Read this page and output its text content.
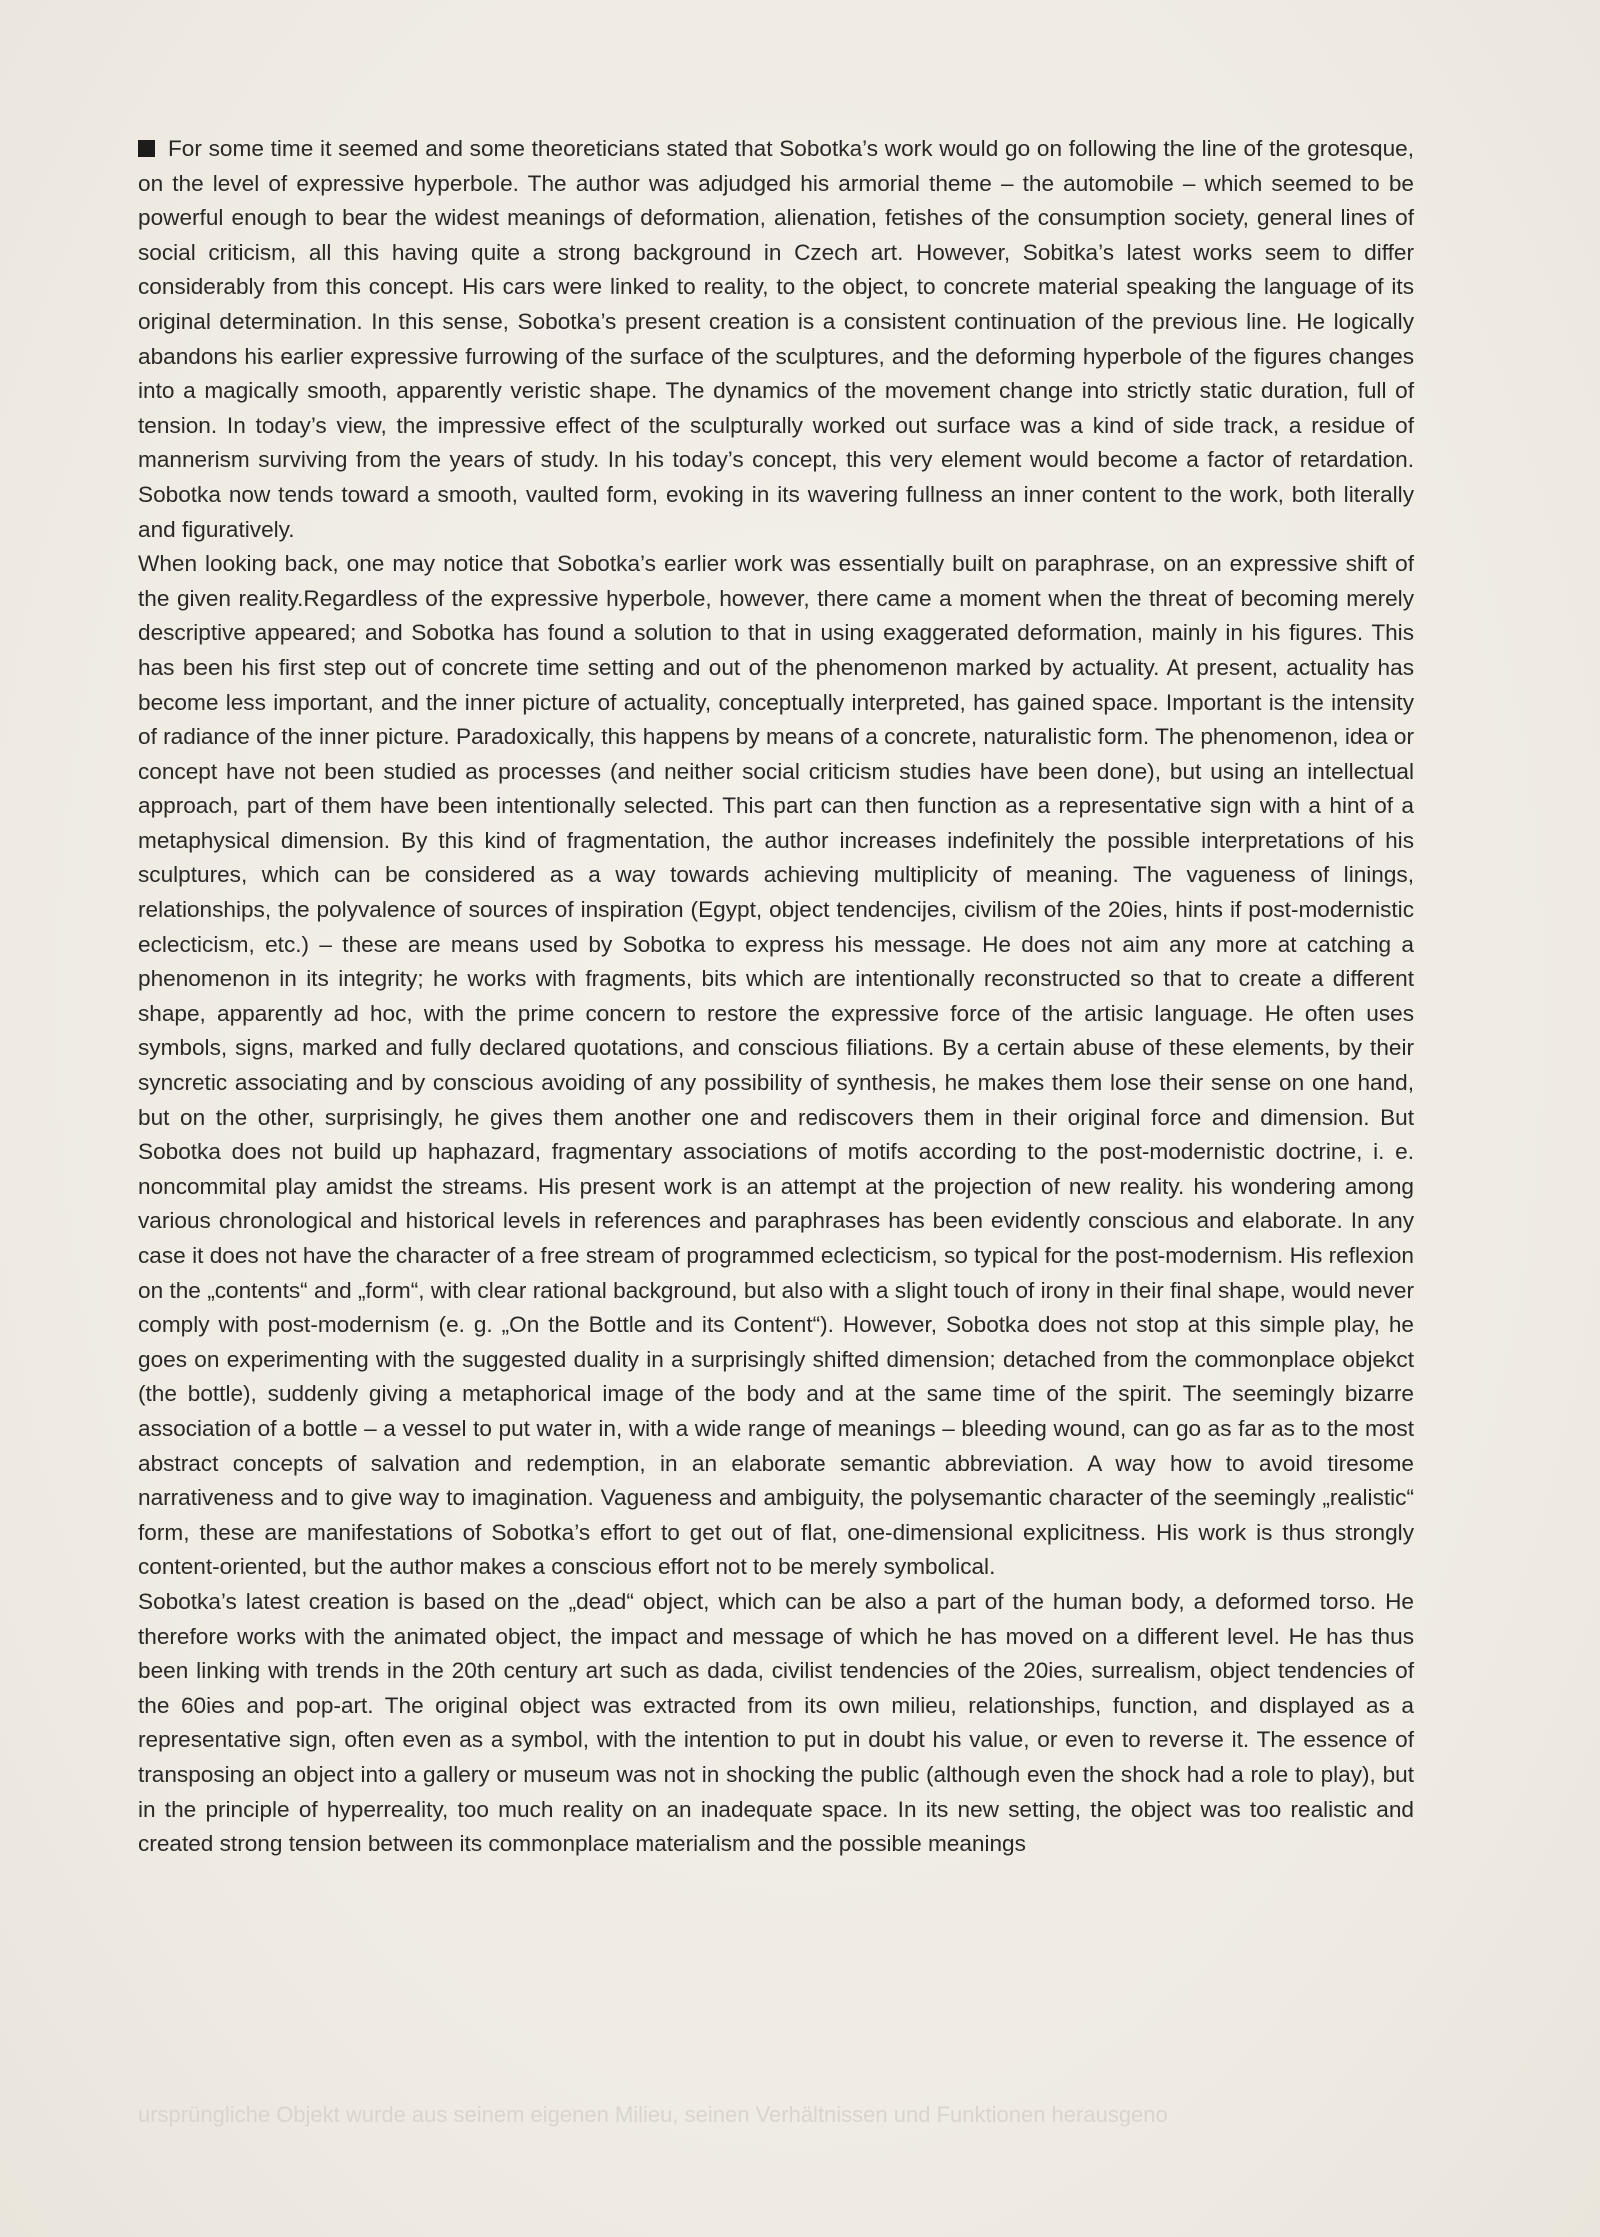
For some time it seemed and some theoreticians stated that Sobotka’s work would go on following the line of the grotesque, on the level of expressive hyperbole. The author was adjudged his armorial theme – the automobile – which seemed to be powerful enough to bear the widest meanings of deformation, alienation, fetishes of the consumption society, general lines of social criticism, all this having quite a strong background in Czech art. However, Sobitka’s latest works seem to differ considerably from this concept. His cars were linked to reality, to the object, to concrete material speaking the language of its original determination. In this sense, Sobotka’s present creation is a consistent continuation of the previous line. He logically abandons his earlier expressive furrowing of the surface of the sculptures, and the deforming hyperbole of the figures changes into a magically smooth, apparently veristic shape. The dynamics of the movement change into strictly static duration, full of tension. In today’s view, the impressive effect of the sculpturally worked out surface was a kind of side track, a residue of mannerism surviving from the years of study. In his today’s concept, this very element would become a factor of retardation. Sobotka now tends toward a smooth, vaulted form, evoking in its wavering fullness an inner content to the work, both literally and figuratively.

When looking back, one may notice that Sobotka’s earlier work was essentially built on paraphrase, on an expressive shift of the given reality.Regardless of the expressive hyperbole, however, there came a moment when the threat of becoming merely descriptive appeared; and Sobotka has found a solution to that in using exaggerated deformation, mainly in his figures. This has been his first step out of concrete time setting and out of the phenomenon marked by actuality. At present, actuality has become less important, and the inner picture of actuality, conceptually interpreted, has gained space. Important is the intensity of radiance of the inner picture. Paradoxically, this happens by means of a concrete, naturalistic form. The phenomenon, idea or concept have not been studied as processes (and neither social criticism studies have been done), but using an intellectual approach, part of them have been intentionally selected. This part can then function as a representative sign with a hint of a metaphysical dimension. By this kind of fragmentation, the author increases indefinitely the possible interpretations of his sculptures, which can be considered as a way towards achieving multiplicity of meaning. The vagueness of linings, relationships, the polyvalence of sources of inspiration (Egypt, object tendencijes, civilism of the 20ies, hints if post-modernistic eclecticism, etc.) – these are means used by Sobotka to express his message. He does not aim any more at catching a phenomenon in its integrity; he works with fragments, bits which are intentionally reconstructed so that to create a different shape, apparently ad hoc, with the prime concern to restore the expressive force of the artisic language. He often uses symbols, signs, marked and fully declared quotations, and conscious filiations. By a certain abuse of these elements, by their syncretic associating and by conscious avoiding of any possibility of synthesis, he makes them lose their sense on one hand, but on the other, surprisingly, he gives them another one and rediscovers them in their original force and dimension. But Sobotka does not build up haphazard, fragmentary associations of motifs according to the post-modernistic doctrine, i. e. noncommital play amidst the streams. His present work is an attempt at the projection of new reality. his wondering among various chronological and historical levels in references and paraphrases has been evidently conscious and elaborate. In any case it does not have the character of a free stream of programmed eclecticism, so typical for the post-modernism. His reflexion on the „contents“ and „form“, with clear rational background, but also with a slight touch of irony in their final shape, would never comply with post-modernism (e. g. „On the Bottle and its Content“). However, Sobotka does not stop at this simple play, he goes on experimenting with the suggested duality in a surprisingly shifted dimension; detached from the commonplace objekct (the bottle), suddenly giving a metaphorical image of the body and at the same time of the spirit. The seemingly bizarre association of a bottle – a vessel to put water in, with a wide range of meanings – bleeding wound, can go as far as to the most abstract concepts of salvation and redemption, in an elaborate semantic abbreviation. A way how to avoid tiresome narrativeness and to give way to imagination. Vagueness and ambiguity, the polysemantic character of the seemingly „realistic“ form, these are manifestations of Sobotka’s effort to get out of flat, one-dimensional explicitness. His work is thus strongly content-oriented, but the author makes a conscious effort not to be merely symbolical.

Sobotka’s latest creation is based on the „dead“ object, which can be also a part of the human body, a deformed torso. He therefore works with the animated object, the impact and message of which he has moved on a different level. He has thus been linking with trends in the 20th century art such as dada, civilist tendencies of the 20ies, surrealism, object tendencies of the 60ies and pop-art. The original object was extracted from its own milieu, relationships, function, and displayed as a representative sign, often even as a symbol, with the intention to put in doubt his value, or even to reverse it. The essence of transposing an object into a gallery or museum was not in shocking the public (although even the shock had a role to play), but in the principle of hyperreality, too much reality on an inadequate space. In its new setting, the object was too realistic and created strong tension between its commonplace materialism and the possible meanings

ursprüngliche Objekt wurde aus seinem eigenen Milieu, seinen Verhältnissen und Funktionen herausgeno
